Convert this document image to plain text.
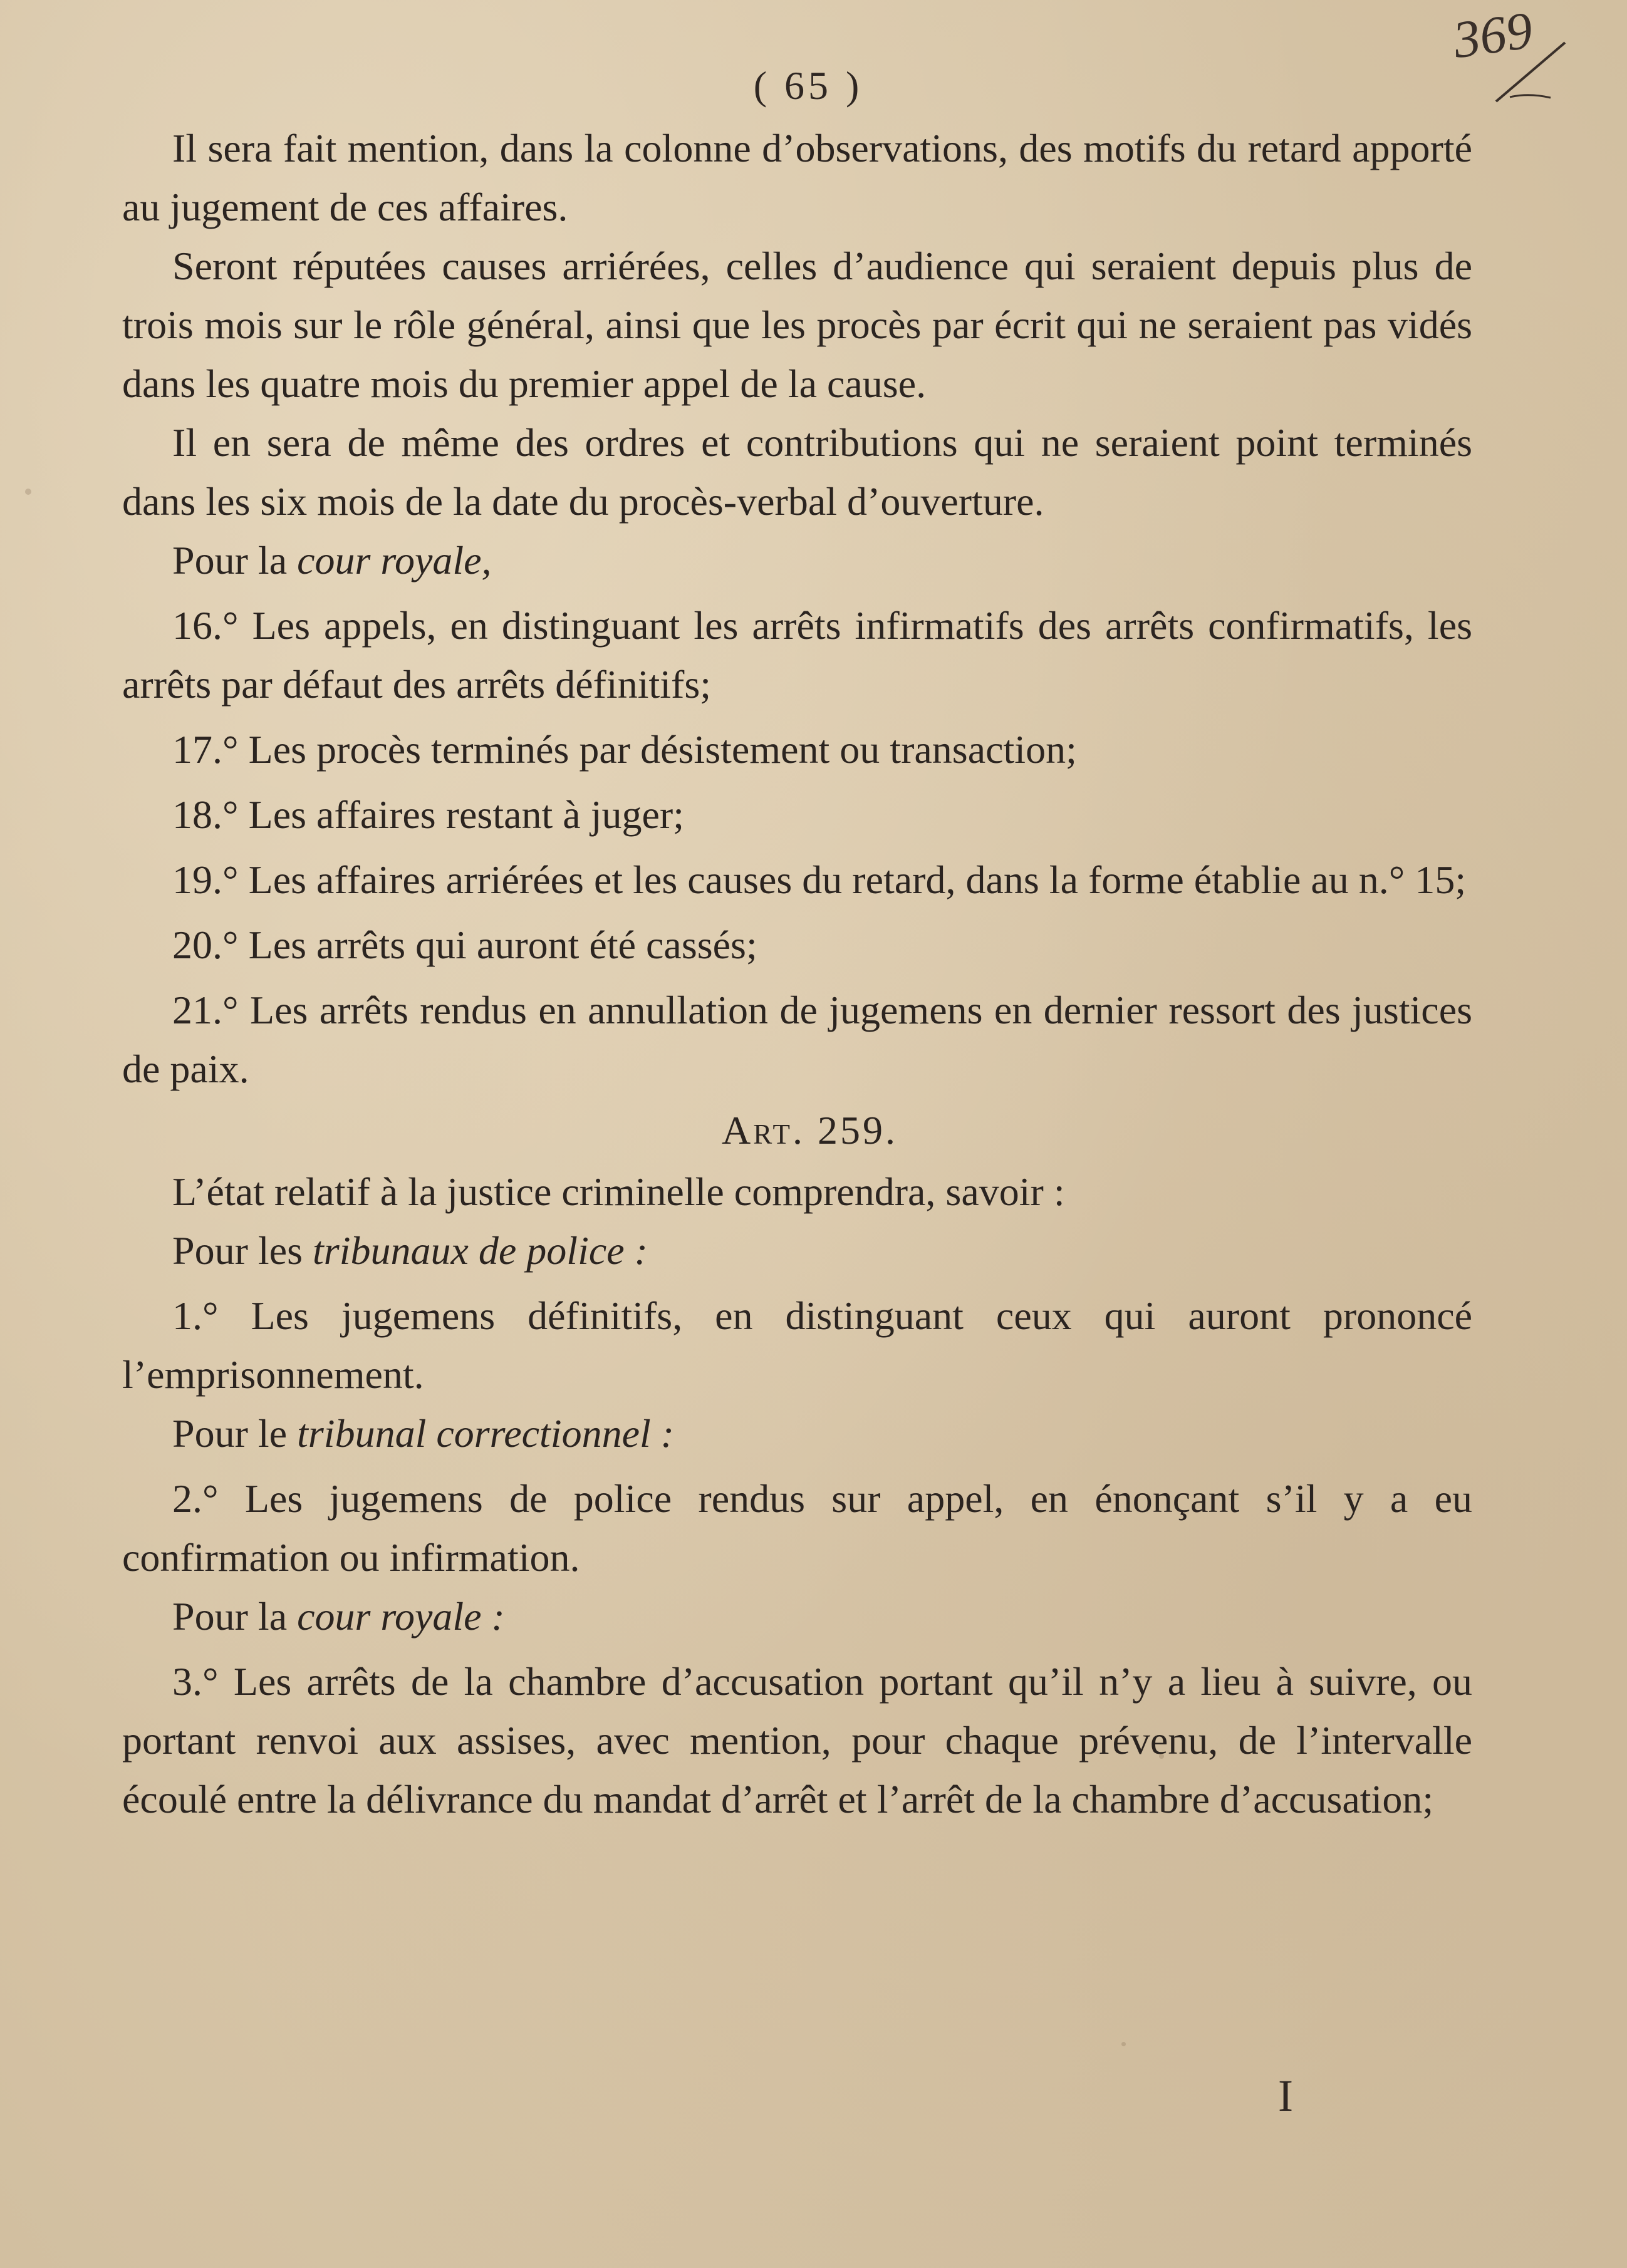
( 65 )
369

Il sera fait mention, dans la colonne d’observations, des motifs du retard apporté au jugement de ces affaires.

Seront réputées causes arriérées, celles d’audience qui seraient depuis plus de trois mois sur le rôle général, ainsi que les procès par écrit qui ne seraient pas vidés dans les quatre mois du premier appel de la cause.

Il en sera de même des ordres et contributions qui ne seraient point terminés dans les six mois de la date du procès-verbal d’ouverture.

Pour la cour royale,

16.° Les appels, en distinguant les arrêts infirmatifs des arrêts confirmatifs, les arrêts par défaut des arrêts définitifs;

17.° Les procès terminés par désistement ou transaction;

18.° Les affaires restant à juger;

19.° Les affaires arriérées et les causes du retard, dans la forme établie au n.° 15;

20.° Les arrêts qui auront été cassés;

21.° Les arrêts rendus en annullation de jugemens en dernier ressort des justices de paix.

Art. 259.

L’état relatif à la justice criminelle comprendra, savoir :

Pour les tribunaux de police :

1.° Les jugemens définitifs, en distinguant ceux qui auront prononcé l’emprisonnement.

Pour le tribunal correctionnel :

2.° Les jugemens de police rendus sur appel, en énonçant s’il y a eu confirmation ou infirmation.

Pour la cour royale :

3.° Les arrêts de la chambre d’accusation portant qu’il n’y a lieu à suivre, ou portant renvoi aux assises, avec mention, pour chaque prévenu, de l’intervalle écoulé entre la délivrance du mandat d’arrêt et l’arrêt de la chambre d’accusation;

I
